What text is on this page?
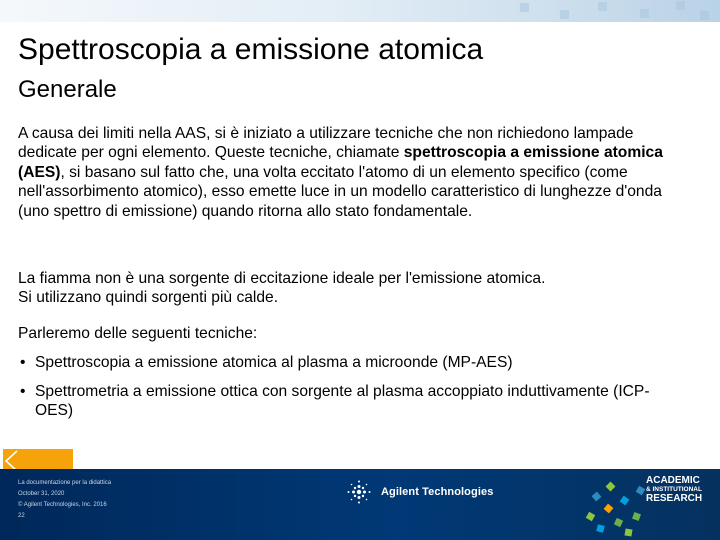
Spettroscopia a emissione atomica
Generale

A causa dei limiti nella AAS, si è iniziato a utilizzare tecniche che non richiedono lampade dedicate per ogni elemento. Queste tecniche, chiamate spettroscopia a emissione atomica (AES), si basano sul fatto che, una volta eccitato l'atomo di un elemento specifico (come nell'assorbimento atomico), esso emette luce in un modello caratteristico di lunghezze d'onda (uno spettro di emissione) quando ritorna allo stato fondamentale.

La fiamma non è una sorgente di eccitazione ideale per l'emissione atomica.
Si utilizzano quindi sorgenti più calde.

Parleremo delle seguenti tecniche:

• Spettroscopia a emissione atomica al plasma a microonde (MP-AES)
• Spettrometria a emissione ottica con sorgente al plasma accoppiato induttivamente (ICP-OES)
La documentazione per la didattica
October 31, 2020
© Agilent Technologies, Inc. 2016
22
Agilent Technologies
ACADEMIC
& INSTITUTIONAL
RESEARCH
